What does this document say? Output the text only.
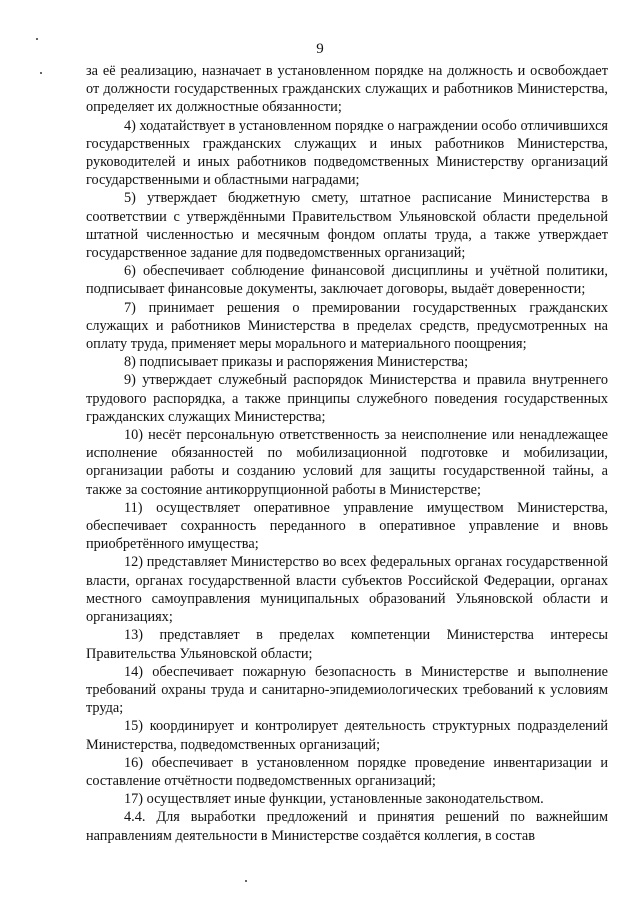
9

за её реализацию, назначает в установленном порядке на должность и освобождает от должности государственных гражданских служащих и работников Министерства, определяет их должностные обязанности;

4) ходатайствует в установленном порядке о награждении особо отличившихся государственных гражданских служащих и иных работников Министерства, руководителей и иных работников подведомственных Министерству организаций государственными и областными наградами;

5) утверждает бюджетную смету, штатное расписание Министерства в соответствии с утверждёнными Правительством Ульяновской области предельной штатной численностью и месячным фондом оплаты труда, а также утверждает государственное задание для подведомственных организаций;

6) обеспечивает соблюдение финансовой дисциплины и учётной политики, подписывает финансовые документы, заключает договоры, выдаёт доверенности;

7) принимает решения о премировании государственных гражданских служащих и работников Министерства в пределах средств, предусмотренных на оплату труда, применяет меры морального и материального поощрения;

8) подписывает приказы и распоряжения Министерства;

9) утверждает служебный распорядок Министерства и правила внутреннего трудового распорядка, а также принципы служебного поведения государственных гражданских служащих Министерства;

10) несёт персональную ответственность за неисполнение или ненадлежащее исполнение обязанностей по мобилизационной подготовке и мобилизации, организации работы и созданию условий для защиты государственной тайны, а также за состояние антикоррупционной работы в Министерстве;

11) осуществляет оперативное управление имуществом Министерства, обеспечивает сохранность переданного в оперативное управление и вновь приобретённого имущества;

12) представляет Министерство во всех федеральных органах государственной власти, органах государственной власти субъектов Российской Федерации, органах местного самоуправления муниципальных образований Ульяновской области и организациях;

13) представляет в пределах компетенции Министерства интересы Правительства Ульяновской области;

14) обеспечивает пожарную безопасность в Министерстве и выполнение требований охраны труда и санитарно-эпидемиологических требований к условиям труда;

15) координирует и контролирует деятельность структурных подразделений Министерства, подведомственных организаций;

16) обеспечивает в установленном порядке проведение инвентаризации и составление отчётности подведомственных организаций;

17) осуществляет иные функции, установленные законодательством.

4.4. Для выработки предложений и принятия решений по важнейшим направлениям деятельности в Министерстве создаётся коллегия, в состав
